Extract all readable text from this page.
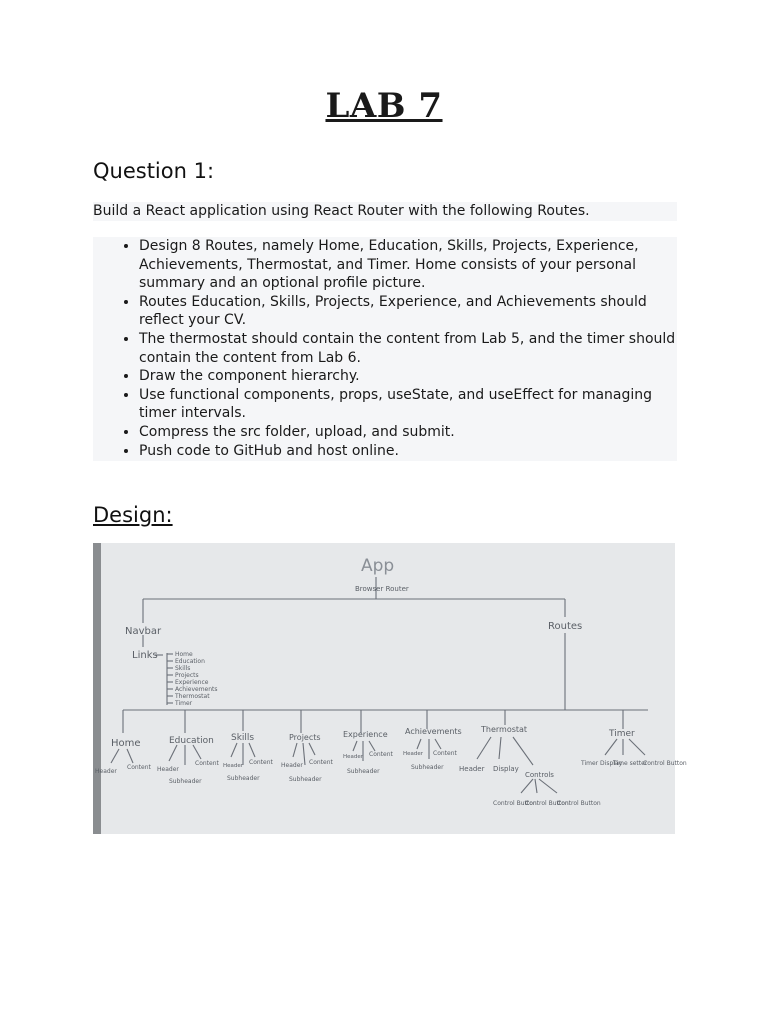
LAB 7
Question 1:

Build a React application using React Router with the following Routes.

• Design 8 Routes, namely Home, Education, Skills, Projects, Experience, Achievements, Thermostat, and Timer. Home consists of your personal summary and an optional profile picture.
• Routes Education, Skills, Projects, Experience, and Achievements should reflect your CV.
• The thermostat should contain the content from Lab 5, and the timer should contain the content from Lab 6.
• Draw the component hierarchy.
• Use functional components, props, useState, and useEffect for managing timer intervals.
• Compress the src folder, upload, and submit.
• Push code to GitHub and host online.
Design:
App
Browser Router
Navbar
Links	Home
Education
Skills
Projects
Experience
Achievements
Thermostat
Timer
Routes
Home	Education Skills	Projects	Experience Achievements Thermostat	Timer
Header
Content Header
Content
Subheader
Header Content
Subheader
Header Content
Subheader
Header Content
Subheader
Header Content
Subheader Header Display
Controls
Control Button
Control Button
Control Button
Timer Display
Time setter
Control Button
